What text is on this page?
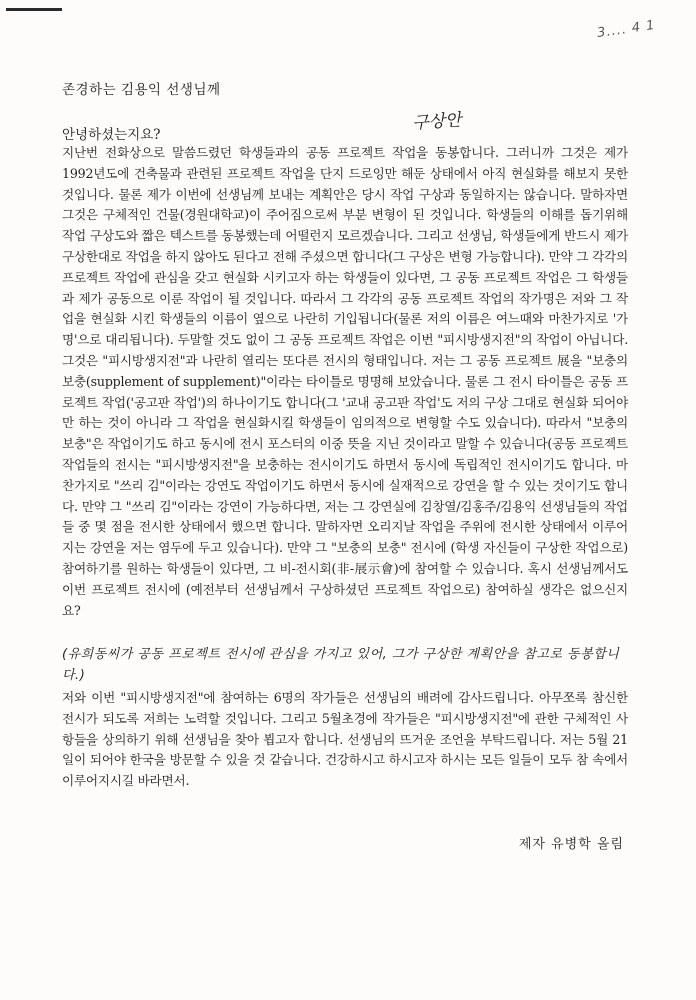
3.... 4 1
존경하는 김용익 선생님께
구상안
안녕하셨는지요?

지난번 전화상으로 말씀드렸던 학생들과의 공동 프로젝트 작업을 동봉합니다. 그러니까 그것은 제가 1992년도에 건축물과 관련된 프로젝트 작업을 단지 드로잉만 해둔 상태에서 아직 현실화를 해보지 못한 것입니다. 물론 제가 이번에 선생님께 보내는 계획안은 당시 작업 구상과 동일하지는 않습니다. 말하자면 그것은 구체적인 건물(경원대학교)이 주어짐으로써 부분 변형이 된 것입니다. 학생들의 이해를 돕기위해 작업 구상도와 짧은 텍스트를 동봉했는데 어떨런지 모르겠습니다. 그리고 선생님, 학생들에게 반드시 제가 구상한대로 작업을 하지 않아도 된다고 전해 주셨으면 합니다(그 구상은 변형 가능합니다). 만약 그 각각의 프로젝트 작업에 관심을 갖고 현실화 시키고자 하는 학생들이 있다면, 그 공동 프로젝트 작업은 그 학생들과 제가 공동으로 이룬 작업이 될 것입니다. 따라서 그 각각의 공동 프로젝트 작업의 작가명은 저와 그 작업을 현실화 시킨 학생들의 이름이 옆으로 나란히 기입됩니다(물론 저의 이름은 여느때와 마찬가지로 '가명'으로 대리됩니다). 두말할 것도 없이 그 공동 프로젝트 작업은 이번 "피시방생지전"의 작업이 아닙니다. 그것은 "피시방생지전"과 나란히 열리는 또다른 전시의 형태입니다. 저는 그 공동 프로젝트 展을 "보충의 보충(supplement of supplement)"이라는 타이틀로 명명해 보았습니다. 물론 그 전시 타이틀은 공동 프로젝트 작업('공고판 작업')의 하나이기도 합니다(그 '교내 공고판 작업'도 저의 구상 그대로 현실화 되어야만 하는 것이 아니라 그 작업을 현실화시킬 학생들이 임의적으로 변형할 수도 있습니다). 따라서 "보충의 보충"은 작업이기도 하고 동시에 전시 포스터의 이중 뜻을 지닌 것이라고 말할 수 있습니다(공동 프로젝트 작업들의 전시는 "피시방생지전"을 보충하는 전시이기도 하면서 동시에 독립적인 전시이기도 합니다. 마찬가지로 "쓰리 김"이라는 강연도 작업이기도 하면서 동시에 실재적으로 강연을 할 수 있는 것이기도 합니다. 만약 그 "쓰리 김"이라는 강연이 가능하다면, 저는 그 강연실에 김창열/김홍주/김용익 선생님들의 작업들 중 몇 점을 전시한 상태에서 했으면 합니다. 말하자면 오리지날 작업을 주위에 전시한 상태에서 이루어지는 강연을 저는 염두에 두고 있습니다). 만약 그 "보충의 보충" 전시에 (학생 자신들이 구상한 작업으로) 참여하기를 원하는 학생들이 있다면, 그 비-전시회(非-展示會)에 참여할 수 있습니다. 혹시 선생님께서도 이번 프로젝트 전시에 (예전부터 선생님께서 구상하셨던 프로젝트 작업으로) 참여하실 생각은 없으신지요?

(유희동씨가 공동 프로젝트 전시에 관심을 가지고 있어, 그가 구상한 계획안을 참고로 동봉합니다.)

저와 이번 "피시방생지전"에 참여하는 6명의 작가들은 선생님의 배려에 감사드립니다. 아무쪼록 참신한 전시가 되도록 저희는 노력할 것입니다. 그리고 5월초경에 작가들은 "피시방생지전"에 관한 구체적인 사항들을 상의하기 위해 선생님을 찾아 뵙고자 합니다. 선생님의 뜨거운 조언을 부탁드립니다. 저는 5월 21일이 되어야 한국을 방문할 수 있을 것 같습니다. 건강하시고 하시고자 하시는 모든 일들이 모두 참 속에서 이루어지시길 바라면서.

제자 유병학 올림
